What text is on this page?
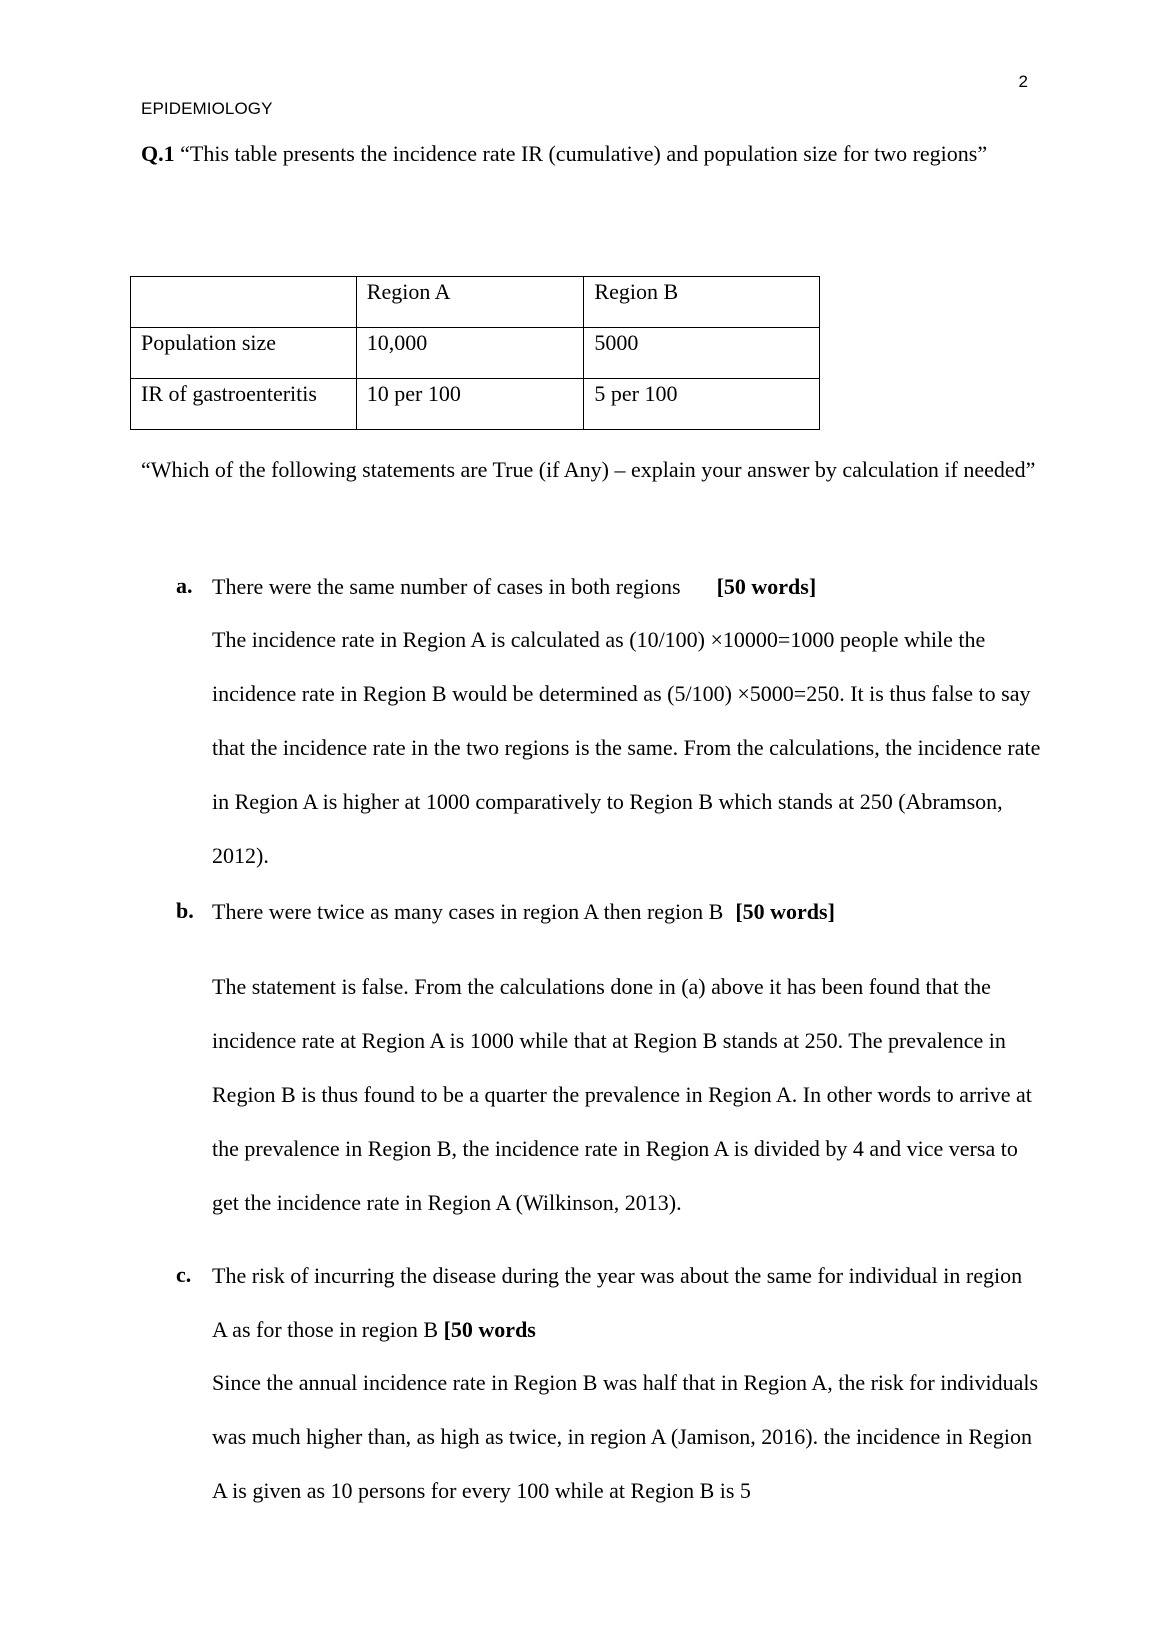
2
EPIDEMIOLOGY
Q.1 “This table presents the incidence rate IR (cumulative) and population size for two regions”
	Region A	Region B
Population size	10,000	5000
IR of gastroenteritis	10 per 100	5 per 100
“Which of the following statements are True (if Any) – explain your answer by calculation if needed”
a. There were the same number of cases in both regions [50 words]
The incidence rate in Region A is calculated as (10/100) ×10000=1000 people while the incidence rate in Region B would be determined as (5/100) ×5000=250. It is thus false to say that the incidence rate in the two regions is the same. From the calculations, the incidence rate in Region A is higher at 1000 comparatively to Region B which stands at 250 (Abramson, 2012).
b. There were twice as many cases in region A then region B [50 words]
The statement is false. From the calculations done in (a) above it has been found that the incidence rate at Region A is 1000 while that at Region B stands at 250. The prevalence in Region B is thus found to be a quarter the prevalence in Region A. In other words to arrive at the prevalence in Region B, the incidence rate in Region A is divided by 4 and vice versa to get the incidence rate in Region A (Wilkinson, 2013).
c. The risk of incurring the disease during the year was about the same for individual in region A as for those in region B [50 words
Since the annual incidence rate in Region B was half that in Region A, the risk for individuals was much higher than, as high as twice, in region A (Jamison, 2016). the incidence in Region A is given as 10 persons for every 100 while at Region B is 5
